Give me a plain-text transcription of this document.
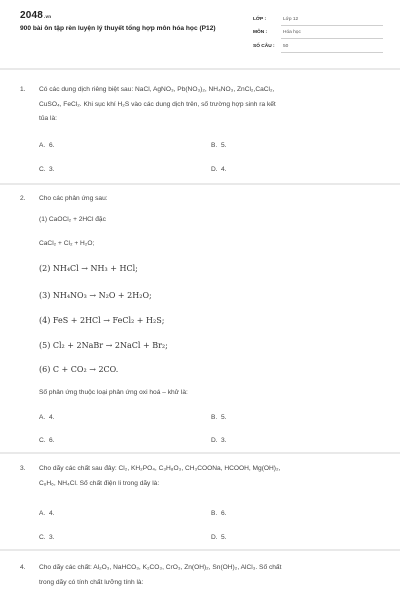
2048.vn
900 bài ôn tập rèn luyện lý thuyết tổng hợp môn hóa học (P12)
LỚP :	Lớp 12
MÔN :	Hóa học
SỐ CÂU : 50
1. Có các dung dịch riêng biệt sau: NaCl, AgNO₃, Pb(NO₃)₂, NH₄NO₃, ZnCl₂,CaCl₂,
CuSO₄, FeCl₂. Khi sục khí H₂S vào các dung dịch trên, số trường hợp sinh ra kết
tủa là:
A. 6.	B. 5.
C. 3.	D. 4.
2. Cho các phản ứng sau:
(1) CaOCl₂ + 2HCl đặc
CaCl₂ + Cl₂ + H₂O;
(2) NH₄Cl → NH₃ + HCl;
(3) NH₄NO₃ → N₂O + 2H₂O;
(4) FeS + 2HCl → FeCl₂ + H₂S;
(5) Cl₂ + 2NaBr → 2NaCl + Br₂;
(6) C + CO₂ → 2CO.
Số phản ứng thuộc loại phản ứng oxi hoá – khử là:
A. 4.	B. 5.
C. 6.	D. 3.
3. Cho dãy các chất sau đây: Cl₂, KH₂PO₄, C₃H₈O₃, CH₃COONa, HCOOH, Mg(OH)₂,
C₆H₆, NH₄Cl. Số chất điện li trong dãy là:
A. 4.	B. 6.
C. 3.	D. 5.
4. Cho dãy các chất: Al₂O₃, NaHCO₃, K₂CO₃, CrO₃, Zn(OH)₂, Sn(OH)₂, AlCl₃. Số chất
trong dãy có tính chất lưỡng tính là:
